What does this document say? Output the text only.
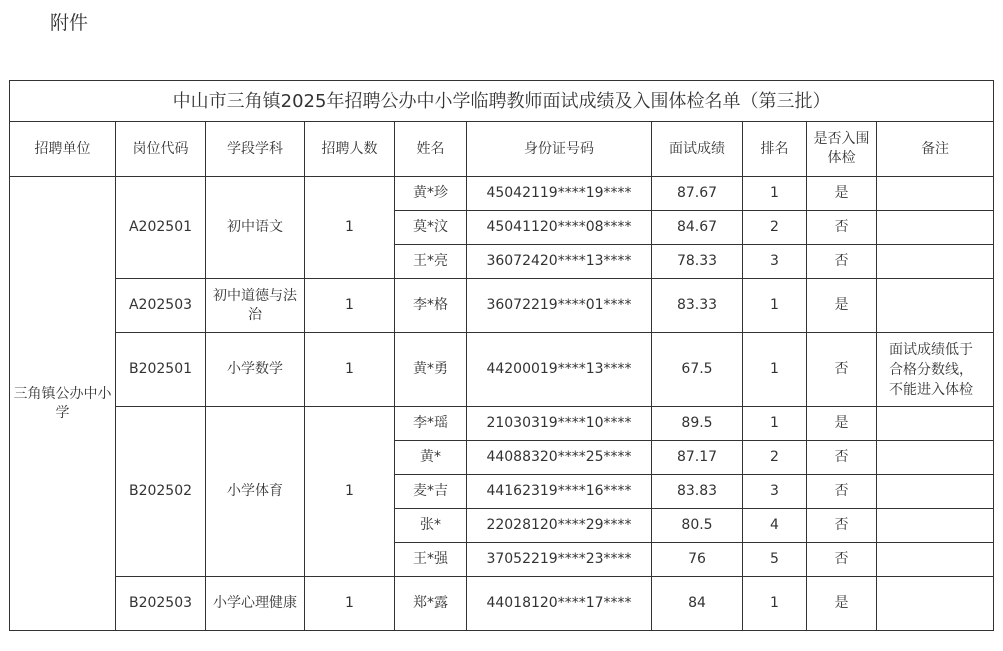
附件
中山市三角镇2025年招聘公办中小学临聘教师面试成绩及入围体检名单（第三批）									
招聘单位	岗位代码	学段学科	招聘人数	姓名	身份证号码	面试成绩	排名	是否入围体检	备注
三角镇公办中小学	A202501	初中语文	1	黄*珍	45042119****19****	87.67	1	是	
				莫*汶	45041120****08****	84.67	2	否	
				王*亮	36072420****13****	78.33	3	否	
	A202503	初中道德与法治	1	李*格	36072219****01****	83.33	1	是	
	B202501	小学数学	1	黄*勇	44200019****13****	67.5	1	否	面试成绩低于合格分数线，不能进入体检
	B202502	小学体育	1	李*瑶	21030319****10****	89.5	1	是	
				黄*	44088320****25****	87.17	2	否	
				麦*吉	44162319****16****	83.83	3	否	
				张*	22028120****29****	80.5	4	否	
				王*强	37052219****23****	76	5	否	
	B202503	小学心理健康	1	郑*露	44018120****17****	84	1	是	
